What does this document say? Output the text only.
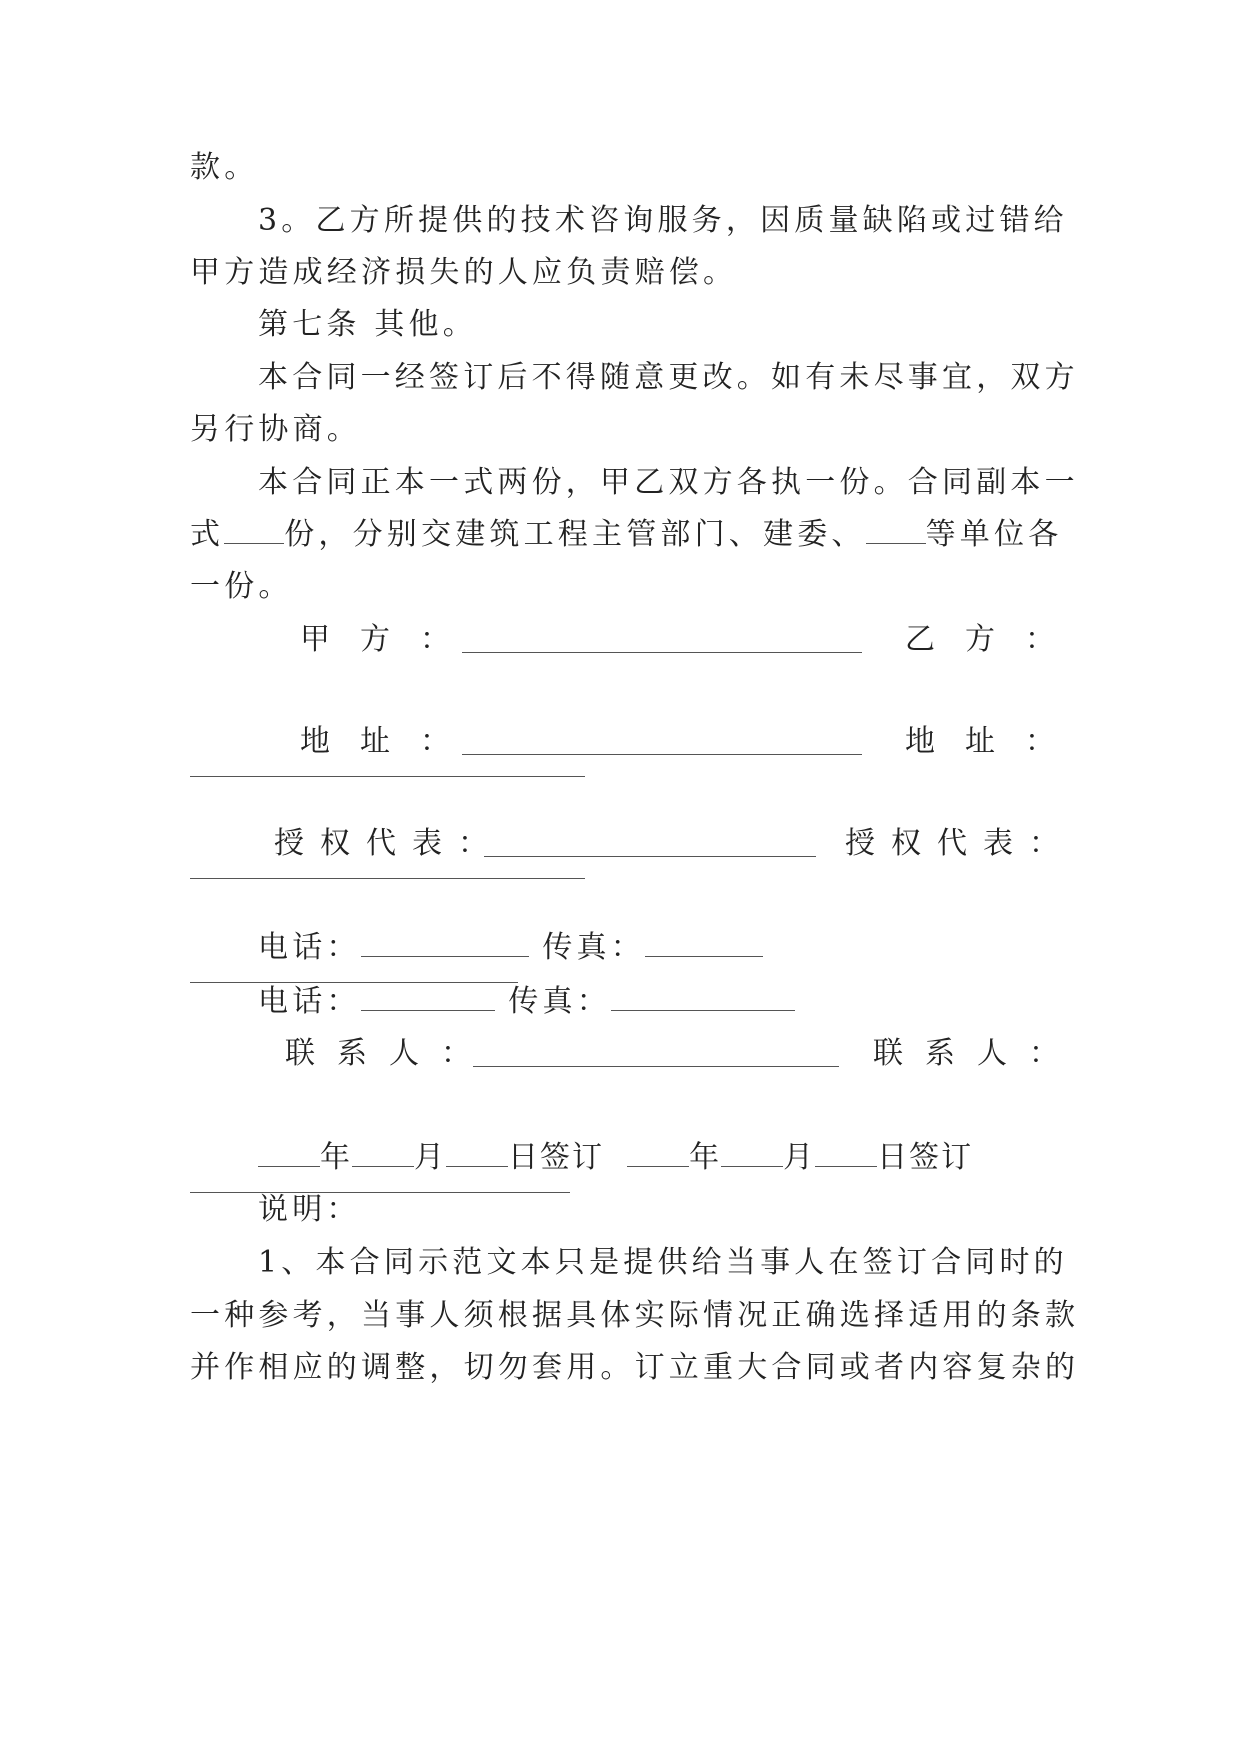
款。
3。乙方所提供的技术咨询服务，因质量缺陷或过错给
甲方造成经济损失的人应负责赔偿。
第七条 其他。
本合同一经签订后不得随意更改。如有未尽事宜，双方
另行协商。
本合同正本一式两份，甲乙双方各执一份。合同副本一
式 份，分别交建筑工程主管部门、建委、 等单位各
一份。
甲方：	乙方：
地址：	地址：
授权代表：	授权代表：
电话：	传真：
电话：	传真：
联系人：	联系人：
年 月 日签订	年 月 日签订
说明：
1、本合同示范文本只是提供给当事人在签订合同时的
一种参考，当事人须根据具体实际情况正确选择适用的条款
并作相应的调整，切勿套用。订立重大合同或者内容复杂的
